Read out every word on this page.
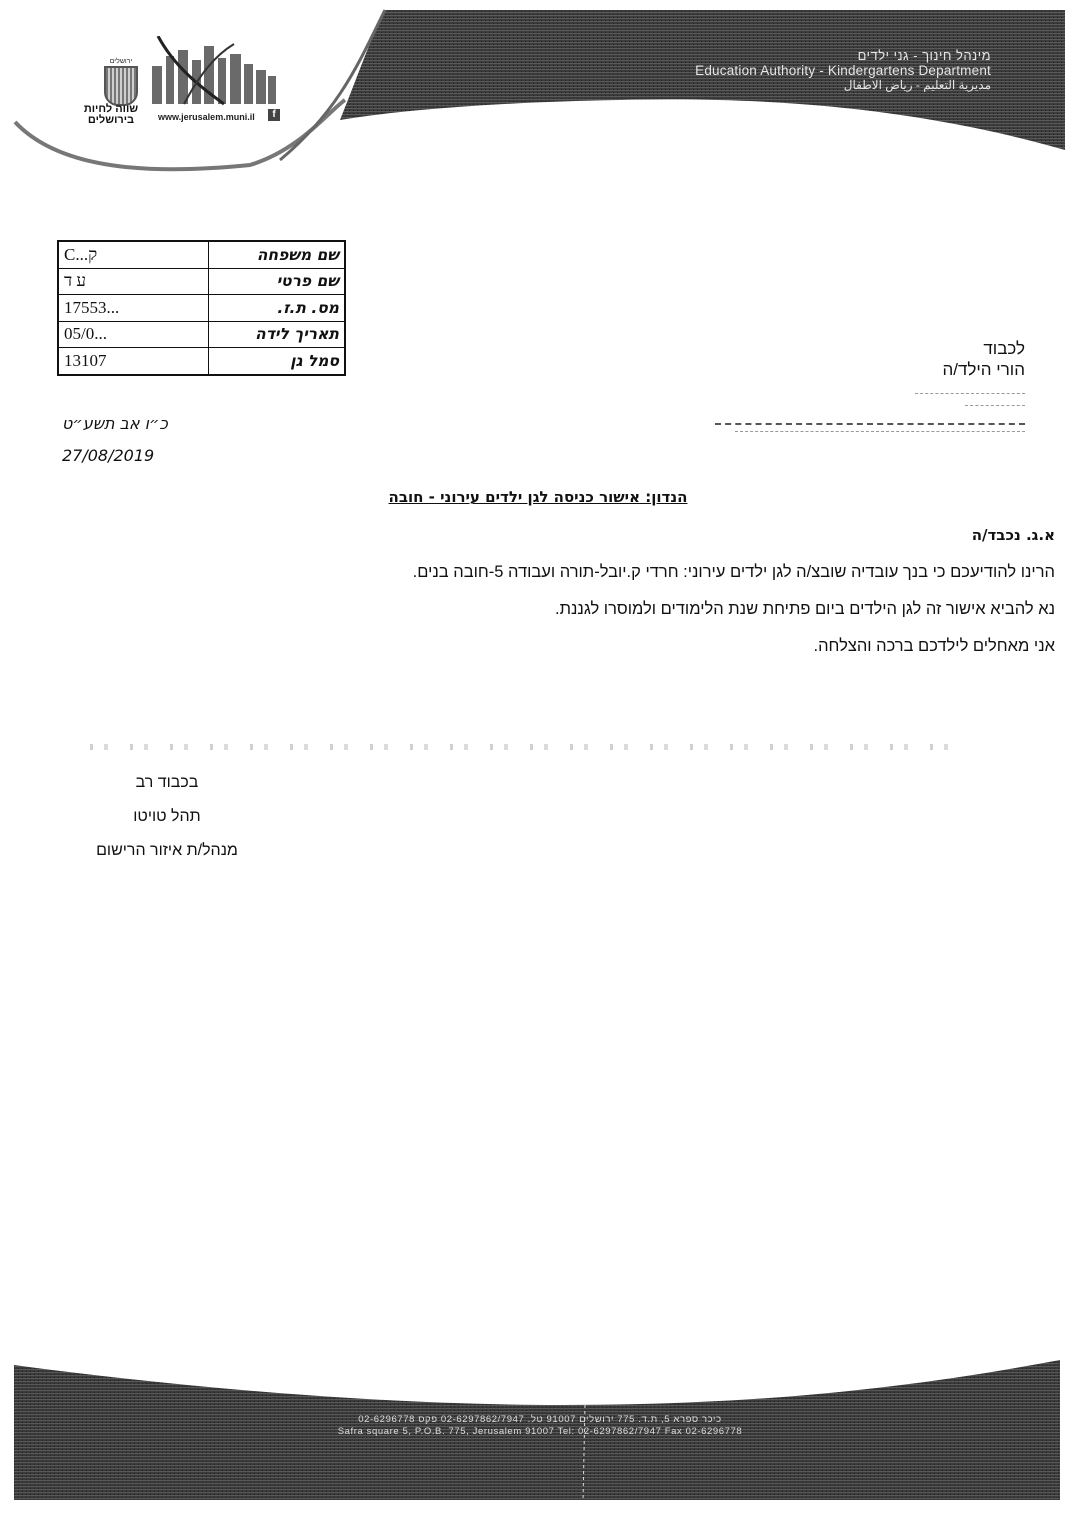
מינהל חינוך - גני ילדים
Education Authority - Kindergartens Department
مديرية التعليم - رياض الاطفال
ירושלים
שווה לחיות
בירושלים	www.jerusalem.muni.il	f
שם משפחה	ק...C
שם פרטי	ע ד
מס. ת.ז.	...17553
תאריך לידה	...05/0
סמל גן	13107
לכבוד
הורי הילד/ה
כ״ו אב תשע״ט
27/08/2019
הנדון: אישור כניסה לגן ילדים עירוני - חובה
א.ג. נכבד/ה

הרינו להודיעכם כי בנך עובדיה שובצ/ה לגן ילדים עירוני: חרדי ק.יובל-תורה ועבודה 5-חובה בנים.

נא להביא אישור זה לגן הילדים ביום פתיחת שנת הלימודים ולמוסרו לגננת.

אני מאחלים לילדכם ברכה והצלחה.

בכבוד רב
תהל טויטו
מנהל/ת איזור הרישום
כיכר ספרא 5, ת.ד. 775 ירושלים 91007 טל. 02-6297862/7947 פקס 02-6296778
Safra square 5, P.O.B. 775, Jerusalem 91007 Tel: 02-6297862/7947 Fax 02-6296778
